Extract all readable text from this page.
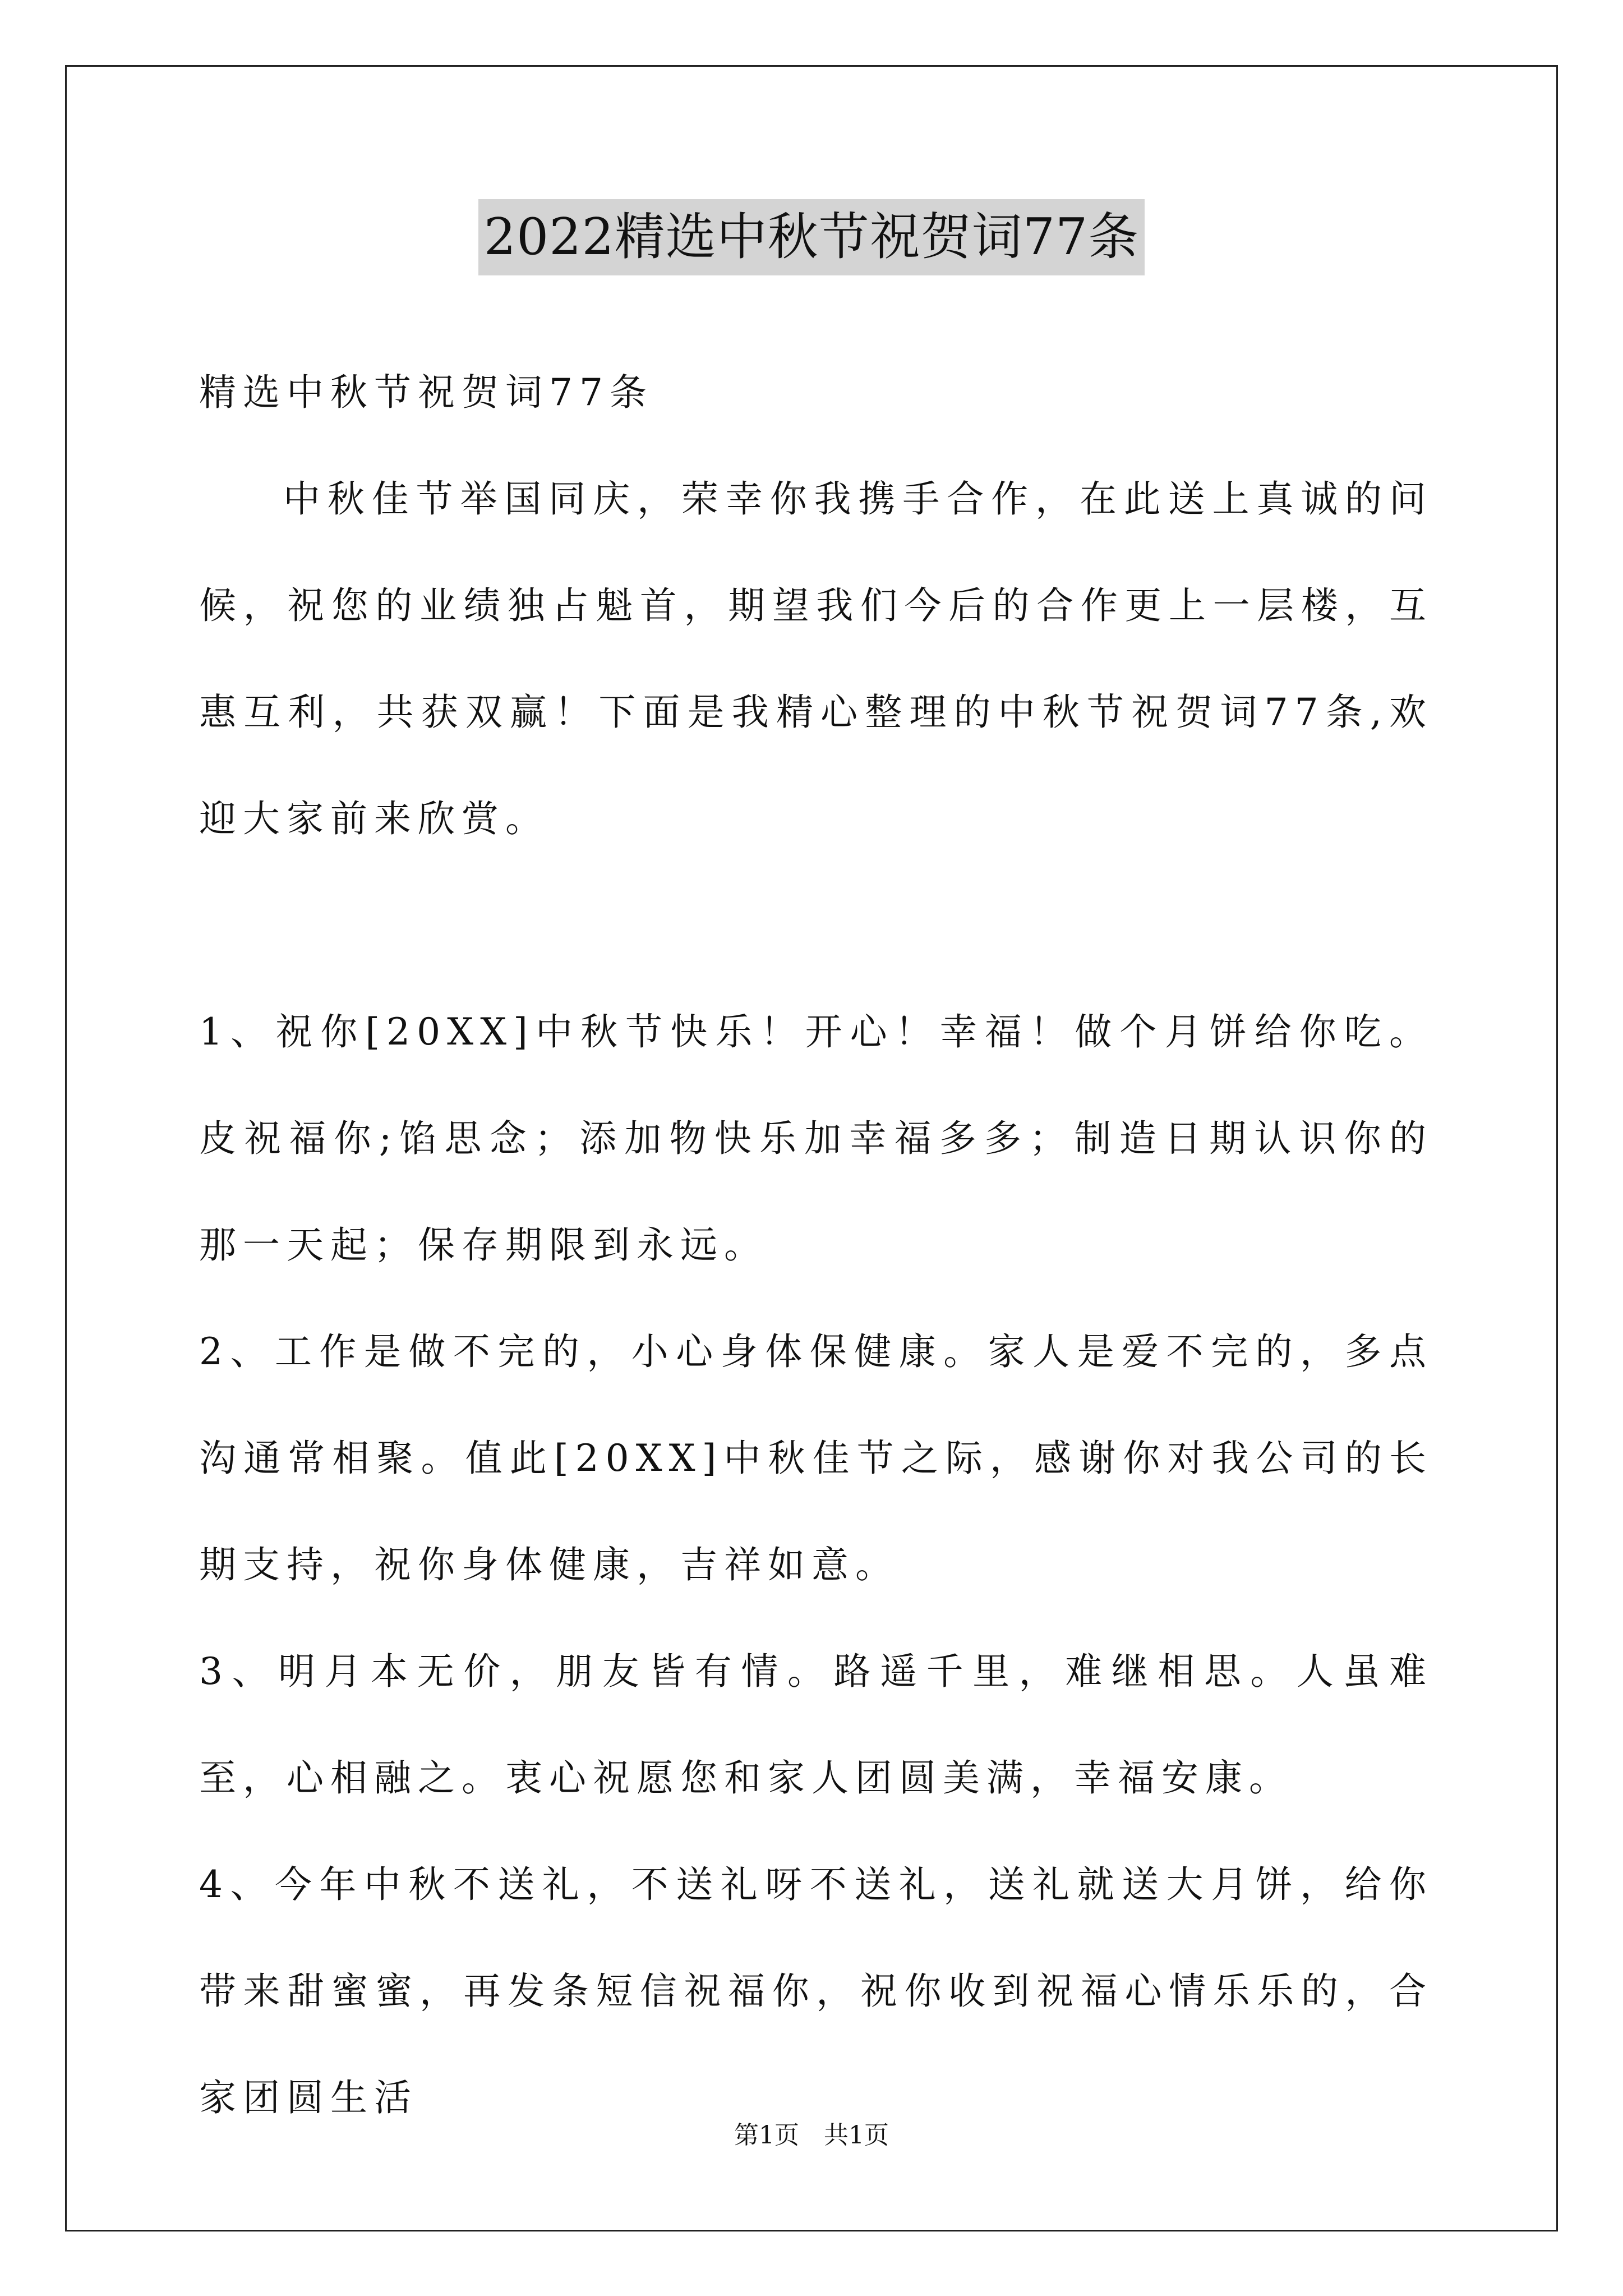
2022精选中秋节祝贺词77条

精选中秋节祝贺词77条

中秋佳节举国同庆，荣幸你我携手合作，在此送上真诚的问候，祝您的业绩独占魁首，期望我们今后的合作更上一层楼，互惠互利，共获双赢！下面是我精心整理的中秋节祝贺词77条,欢迎大家前来欣赏。

1、祝你[20XX]中秋节快乐！开心！幸福！做个月饼给你吃。皮祝福你;馅思念；添加物快乐加幸福多多；制造日期认识你的那一天起；保存期限到永远。

2、工作是做不完的，小心身体保健康。家人是爱不完的，多点沟通常相聚。值此[20XX]中秋佳节之际，感谢你对我公司的长期支持，祝你身体健康，吉祥如意。

3、明月本无价，朋友皆有情。路遥千里，难继相思。人虽难至，心相融之。衷心祝愿您和家人团圆美满，幸福安康。

4、今年中秋不送礼，不送礼呀不送礼，送礼就送大月饼，给你带来甜蜜蜜，再发条短信祝福你，祝你收到祝福心情乐乐的，合家团圆生活

第1页　共1页
